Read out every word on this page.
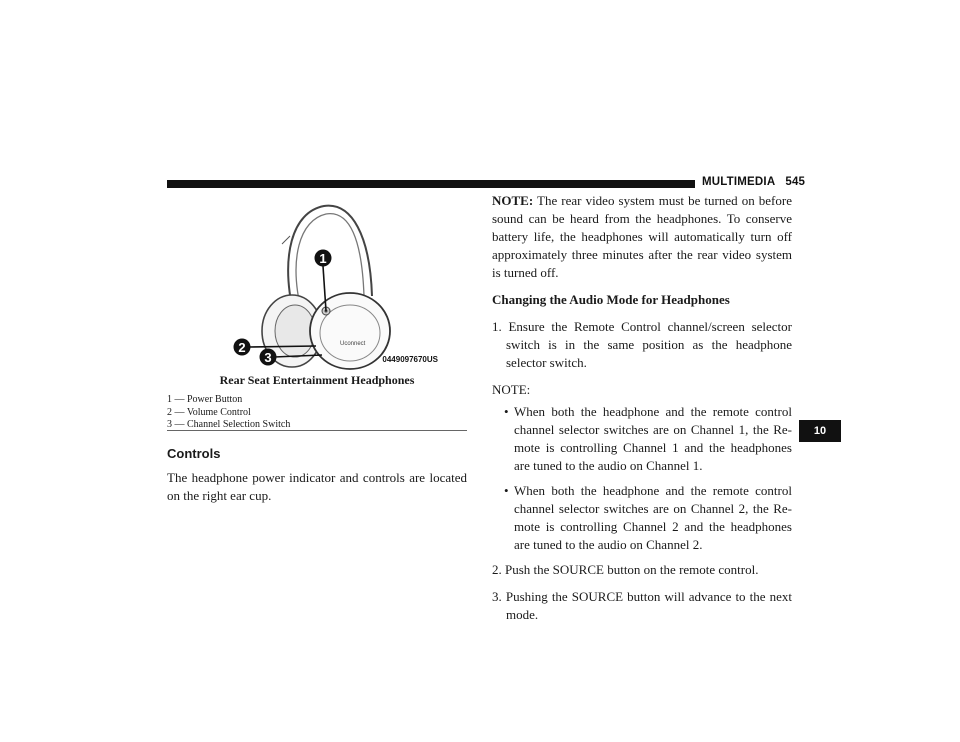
MULTIMEDIA 545
1
2
3
Uconnect
0449097670US
Rear Seat Entertainment Headphones
1 — Power Button
2 — Volume Control
3 — Channel Selection Switch
Controls
The headphone power indicator and controls are located on the right ear cup.

NOTE: The rear video system must be turned on before sound can be heard from the headphones. To conserve battery life, the headphones will automatically turn off approximately three minutes after the rear video system is turned off.

Changing the Audio Mode for Headphones

1. Ensure the Remote Control channel/screen selector switch is in the same position as the headphone selector switch.

NOTE:

• When both the headphone and the remote control channel selector switches are on Channel 1, the Re-mote is controlling Channel 1 and the headphones are tuned to the audio on Channel 1.
• When both the headphone and the remote control channel selector switches are on Channel 2, the Re-mote is controlling Channel 2 and the headphones are tuned to the audio on Channel 2.

2. Push the SOURCE button on the remote control.

3. Pushing the SOURCE button will advance to the next mode.

10
